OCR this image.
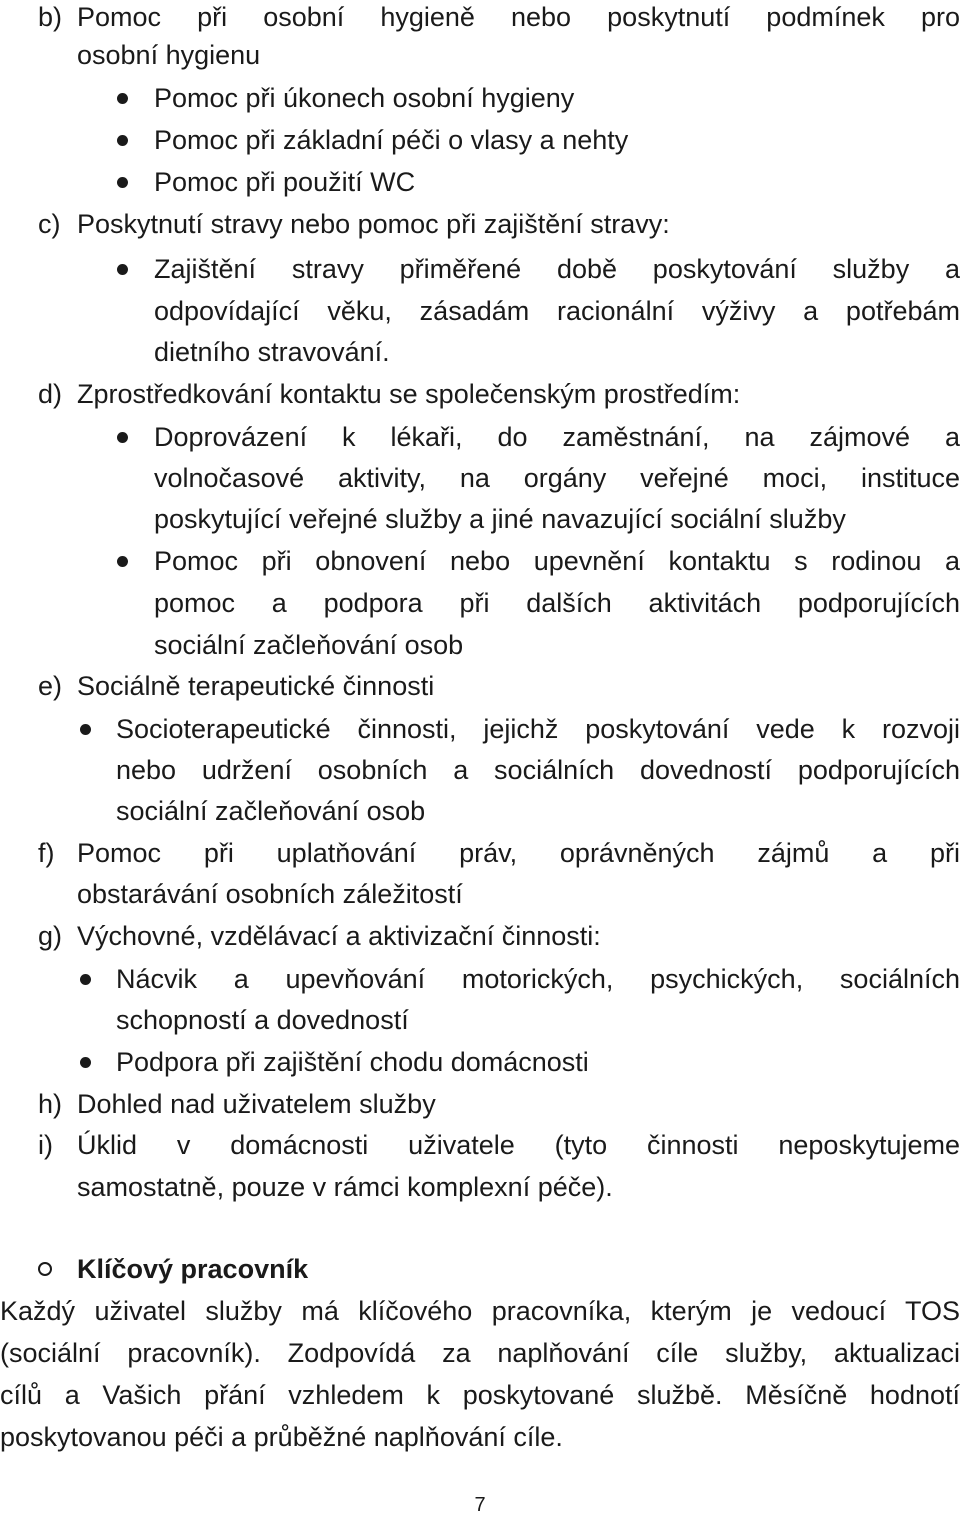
b) Pomoc při osobní hygieně nebo poskytnutí podmínek pro
osobní hygienu
Pomoc při úkonech osobní hygieny
Pomoc při základní péči o vlasy a nehty
Pomoc při použití WC
c) Poskytnutí stravy nebo pomoc při zajištění stravy:
Zajištění stravy přiměřené době poskytování služby a
odpovídající věku, zásadám racionální výživy a potřebám
dietního stravování.
d) Zprostředkování kontaktu se společenským prostředím:
Doprovázení k lékaři, do zaměstnání, na zájmové a
volnočasové aktivity, na orgány veřejné moci, instituce
poskytující veřejné služby a jiné navazující sociální služby
Pomoc při obnovení nebo upevnění kontaktu s rodinou a
pomoc a podpora při dalších aktivitách podporujících
sociální začleňování osob
e) Sociálně terapeutické činnosti
Socioterapeutické činnosti, jejichž poskytování vede k rozvoji
nebo udržení osobních a sociálních dovedností podporujících
sociální začleňování osob
f) Pomoc při uplatňování práv, oprávněných zájmů a při
obstarávání osobních záležitostí
g) Výchovné, vzdělávací a aktivizační činnosti:
Nácvik a upevňování motorických, psychických, sociálních
schopností a dovedností
Podpora při zajištění chodu domácnosti
h) Dohled nad uživatelem služby
i) Úklid v domácnosti uživatele (tyto činnosti neposkytujeme
samostatně, pouze v rámci komplexní péče).
Klíčový pracovník
Každý uživatel služby má klíčového pracovníka, kterým je vedoucí TOS
(sociální pracovník). Zodpovídá za naplňování cíle služby, aktualizaci
cílů a Vašich přání vzhledem k poskytované službě. Měsíčně hodnotí
poskytovanou péči a průběžné naplňování cíle.
7
